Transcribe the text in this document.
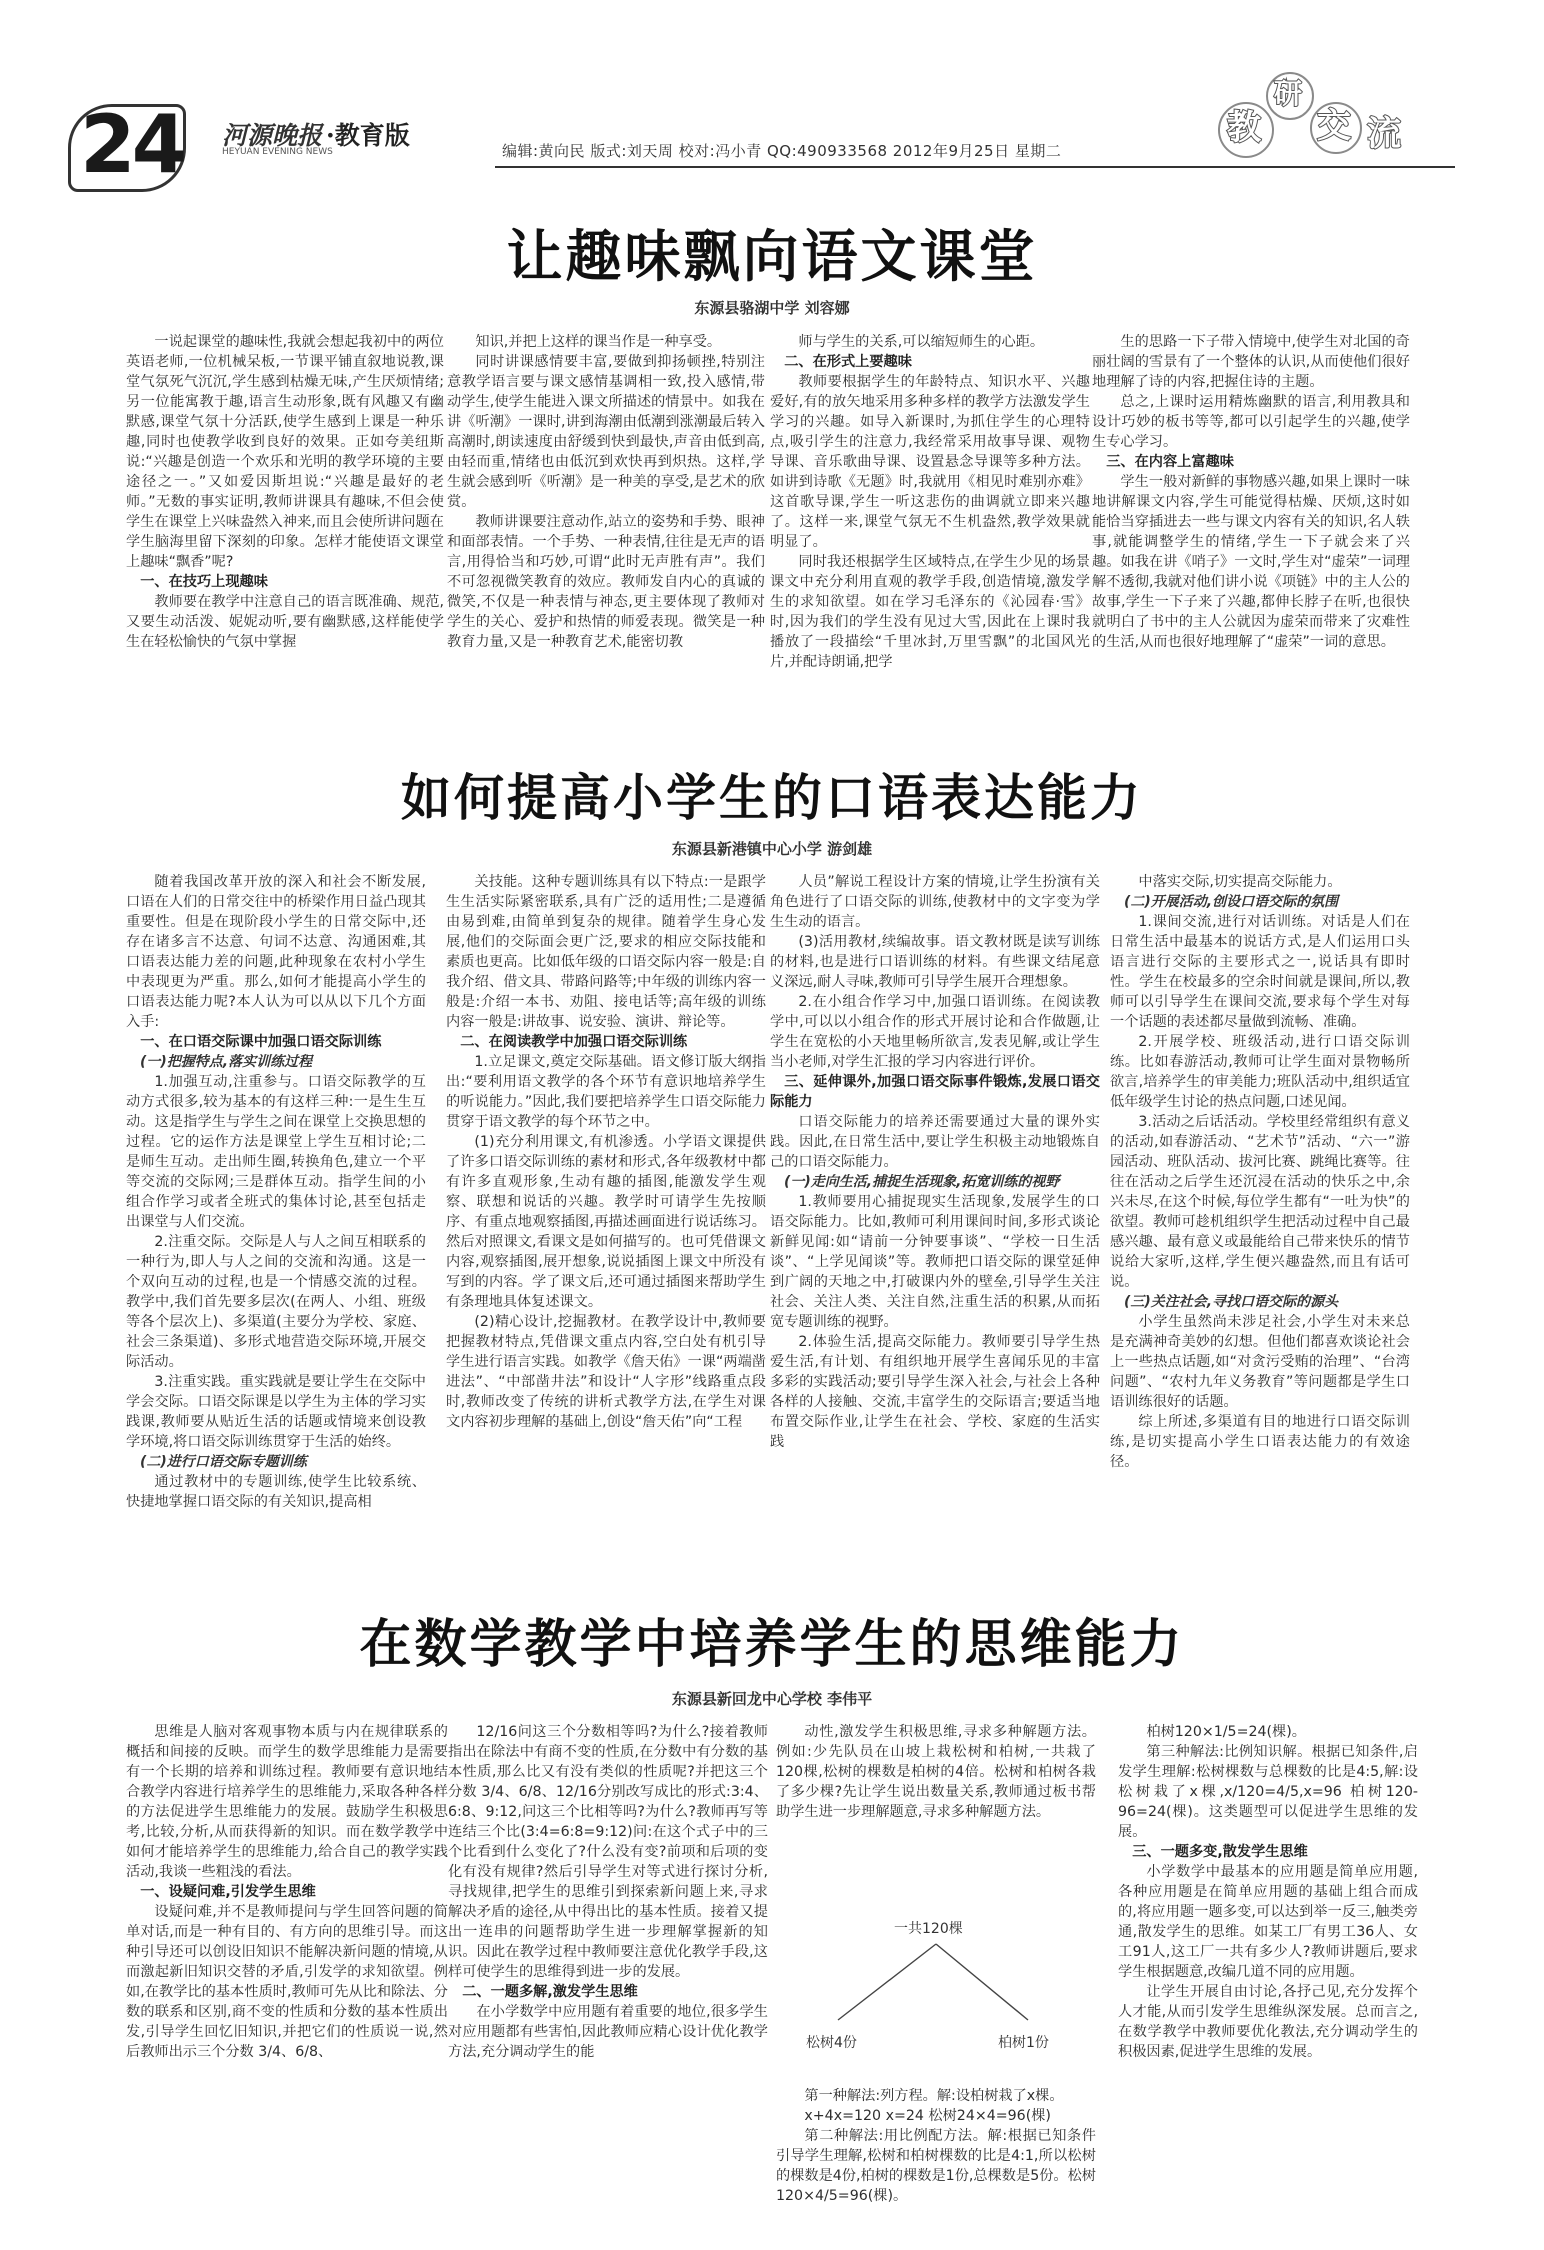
24 河源晚报 ·教育版
HEYUAN EVENING NEWS	编辑:黄向民 版式:刘天周 校对:冯小青 QQ:490933568 2012年9月25日 星期二
教
研
交 流
让趣味飘向语文课堂
东源县骆湖中学 刘容娜

一说起课堂的趣味性,我就会想起我初中的两位英语老师,一位机械呆板,一节课平铺直叙地说教,课堂气氛死气沉沉,学生感到枯燥无味,产生厌烦情绪;另一位能寓教于趣,语言生动形象,既有风趣又有幽默感,课堂气氛十分活跃,使学生感到上课是一种乐趣,同时也使教学收到良好的效果。正如夸美纽斯说:“兴趣是创造一个欢乐和光明的教学环境的主要途径之一。”又如爱因斯坦说:“兴趣是最好的老师。”无数的事实证明,教师讲课具有趣味,不但会使学生在课堂上兴味盎然入神来,而且会使所讲问题在学生脑海里留下深刻的印象。怎样才能使语文课堂上趣味“飘香”呢?

一、在技巧上现趣味

教师要在教学中注意自己的语言既准确、规范,又要生动活泼、妮妮动听,要有幽默感,这样能使学生在轻松愉快的气氛中掌握

知识,并把上这样的课当作是一种享受。

同时讲课感情要丰富,要做到抑扬顿挫,特别注意教学语言要与课文感情基调相一致,投入感情,带动学生,使学生能进入课文所描述的情景中。如我在讲《听潮》一课时,讲到海潮由低潮到涨潮最后转入高潮时,朗读速度由舒缓到快到最快,声音由低到高,由轻而重,情绪也由低沉到欢快再到炽热。这样,学生就会感到听《听潮》是一种美的享受,是艺术的欣赏。

教师讲课要注意动作,站立的姿势和手势、眼神和面部表情。一个手势、一种表情,往往是无声的语言,用得恰当和巧妙,可谓“此时无声胜有声”。我们不可忽视微笑教育的效应。教师发自内心的真诚的微笑,不仅是一种表情与神态,更主要体现了教师对学生的关心、爱护和热情的师爱表现。微笑是一种教育力量,又是一种教育艺术,能密切教

师与学生的关系,可以缩短师生的心距。

二、在形式上要趣味

教师要根据学生的年龄特点、知识水平、兴趣爱好,有的放矢地采用多种多样的教学方法激发学生学习的兴趣。如导入新课时,为抓住学生的心理特点,吸引学生的注意力,我经常采用故事导课、观物导课、音乐歌曲导课、设置悬念导课等多种方法。如讲到诗歌《无题》时,我就用《相见时难别亦难》这首歌导课,学生一听这悲伤的曲调就立即来兴趣了。这样一来,课堂气氛无不生机盎然,教学效果就明显了。

同时我还根据学生区域特点,在学生少见的场景课文中充分利用直观的教学手段,创造情境,激发学生的求知欲望。如在学习毛泽东的《沁园春·雪》时,因为我们的学生没有见过大雪,因此在上课时我播放了一段描绘“千里冰封,万里雪飘”的北国风光片,并配诗朗诵,把学

生的思路一下子带入情境中,使学生对北国的奇丽壮阔的雪景有了一个整体的认识,从而使他们很好地理解了诗的内容,把握住诗的主题。

总之,上课时运用精炼幽默的语言,利用教具和设计巧妙的板书等等,都可以引起学生的兴趣,使学生专心学习。

三、在内容上富趣味

学生一般对新鲜的事物感兴趣,如果上课时一味地讲解课文内容,学生可能觉得枯燥、厌烦,这时如能恰当穿插进去一些与课文内容有关的知识,名人轶事,就能调整学生的情绪,学生一下子就会来了兴趣。如我在讲《哨子》一文时,学生对“虚荣”一词理解不透彻,我就对他们讲小说《项链》中的主人公的故事,学生一下子来了兴趣,都伸长脖子在听,也很快就明白了书中的主人公就因为虚荣而带来了灾难性的生活,从而也很好地理解了“虚荣”一词的意思。

如何提高小学生的口语表达能力
东源县新港镇中心小学 游剑雄

随着我国改革开放的深入和社会不断发展,口语在人们的日常交往中的桥梁作用日益凸现其重要性。但是在现阶段小学生的日常交际中,还存在诸多言不达意、句词不达意、沟通困难,其口语表达能力差的问题,此种现象在农村小学生中表现更为严重。那么,如何才能提高小学生的口语表达能力呢?本人认为可以从以下几个方面入手:

一、在口语交际课中加强口语交际训练
(一)把握特点,落实训练过程

1.加强互动,注重参与。口语交际教学的互动方式很多,较为基本的有这样三种:一是生生互动。这是指学生与学生之间在课堂上交换思想的过程。它的运作方法是课堂上学生互相讨论;二是师生互动。走出师生圈,转换角色,建立一个平等交流的交际网;三是群体互动。指学生间的小组合作学习或者全班式的集体讨论,甚至包括走出课堂与人们交流。

2.注重交际。交际是人与人之间互相联系的一种行为,即人与人之间的交流和沟通。这是一个双向互动的过程,也是一个情感交流的过程。教学中,我们首先要多层次(在两人、小组、班级等各个层次上)、多渠道(主要分为学校、家庭、社会三条渠道)、多形式地营造交际环境,开展交际活动。

3.注重实践。重实践就是要让学生在交际中学会交际。口语交际课是以学生为主体的学习实践课,教师要从贴近生活的话题或情境来创设教学环境,将口语交际训练贯穿于生活的始终。

(二)进行口语交际专题训练

通过教材中的专题训练,使学生比较系统、快捷地掌握口语交际的有关知识,提高相

关技能。这种专题训练具有以下特点:一是跟学生生活实际紧密联系,具有广泛的适用性;二是遵循由易到难,由简单到复杂的规律。随着学生身心发展,他们的交际面会更广泛,要求的相应交际技能和素质也更高。比如低年级的口语交际内容一般是:自我介绍、借文具、带路问路等;中年级的训练内容一般是:介绍一本书、劝阻、接电话等;高年级的训练内容一般是:讲故事、说安验、演讲、辩论等。

二、在阅读教学中加强口语交际训练

1.立足课文,奠定交际基础。语文修订版大纲指出:“要利用语文教学的各个环节有意识地培养学生的听说能力。”因此,我们要把培养学生口语交际能力贯穿于语文教学的每个环节之中。

(1)充分利用课文,有机渗透。小学语文课提供了许多口语交际训练的素材和形式,各年级教材中都有许多直观形象,生动有趣的插图,能激发学生观察、联想和说话的兴趣。教学时可请学生先按顺序、有重点地观察插图,再描述画面进行说话练习。然后对照课文,看课文是如何描写的。也可凭借课文内容,观察插图,展开想象,说说插图上课文中所没有写到的内容。学了课文后,还可通过插图来帮助学生有条理地具体复述课文。

(2)精心设计,挖掘教材。在教学设计中,教师要把握教材特点,凭借课文重点内容,空白处有机引导学生进行语言实践。如教学《詹天佑》一课“两端凿进法”、“中部凿井法”和设计“人字形”线路重点段时,教师改变了传统的讲析式教学方法,在学生对课文内容初步理解的基础上,创设“詹天佑”向“工程

人员”解说工程设计方案的情境,让学生扮演有关角色进行了口语交际的训练,使教材中的文字变为学生生动的语言。

(3)活用教材,续编故事。语文教材既是读写训练的材料,也是进行口语训练的材料。有些课文结尾意义深远,耐人寻味,教师可引导学生展开合理想象。

2.在小组合作学习中,加强口语训练。在阅读教学中,可以以小组合作的形式开展讨论和合作做题,让学生在宽松的小天地里畅所欲言,发表见解,或让学生当小老师,对学生汇报的学习内容进行评价。

三、延伸课外,加强口语交际事件锻炼,发展口语交际能力

口语交际能力的培养还需要通过大量的课外实践。因此,在日常生活中,要让学生积极主动地锻炼自己的口语交际能力。

(一)走向生活,捕捉生活现象,拓宽训练的视野

1.教师要用心捕捉现实生活现象,发展学生的口语交际能力。比如,教师可利用课间时间,多形式谈论新鲜见闻:如“请前一分钟要事谈”、“学校一日生活谈”、“上学见闻谈”等。教师把口语交际的课堂延伸到广阔的天地之中,打破课内外的壁垒,引导学生关注社会、关注人类、关注自然,注重生活的积累,从而拓宽专题训练的视野。

2.体验生活,提高交际能力。教师要引导学生热爱生活,有计划、有组织地开展学生喜闻乐见的丰富多彩的实践活动;要引导学生深入社会,与社会上各种各样的人接触、交流,丰富学生的交际语言;要适当地布置交际作业,让学生在社会、学校、家庭的生活实践

中落实交际,切实提高交际能力。

(二)开展活动,创设口语交际的氛围

1.课间交流,进行对话训练。对话是人们在日常生活中最基本的说话方式,是人们运用口头语言进行交际的主要形式之一,说话具有即时性。学生在校最多的空余时间就是课间,所以,教师可以引导学生在课间交流,要求每个学生对每一个话题的表述都尽量做到流畅、准确。

2.开展学校、班级活动,进行口语交际训练。比如春游活动,教师可让学生面对景物畅所欲言,培养学生的审美能力;班队活动中,组织适宜低年级学生讨论的热点问题,口述见闻。

3.活动之后话活动。学校里经常组织有意义的活动,如春游活动、“艺术节”活动、“六一”游园活动、班队活动、拔河比赛、跳绳比赛等。往往在活动之后学生还沉浸在活动的快乐之中,余兴未尽,在这个时候,每位学生都有“一吐为快”的欲望。教师可趁机组织学生把活动过程中自己最感兴趣、最有意义或最能给自己带来快乐的情节说给大家听,这样,学生便兴趣盎然,而且有话可说。

(三)关注社会,寻找口语交际的源头

小学生虽然尚未涉足社会,小学生对未来总是充满神奇美妙的幻想。但他们都喜欢谈论社会上一些热点话题,如“对贪污受贿的治理”、“台湾问题”、“农村九年义务教育”等问题都是学生口语训练很好的话题。

综上所述,多渠道有目的地进行口语交际训练,是切实提高小学生口语表达能力的有效途径。

在数学教学中培养学生的思维能力
东源县新回龙中心学校 李伟平

思维是人脑对客观事物本质与内在规律联系的概括和间接的反映。而学生的数学思维能力是需要有一个长期的培养和训练过程。教师要有意识地结合教学内容进行培养学生的思维能力,采取各种各样的方法促进学生思维能力的发展。鼓励学生积极思考,比较,分析,从而获得新的知识。而在数学教学中如何才能培养学生的思维能力,给合自己的教学实践活动,我谈一些粗浅的看法。

一、设疑问难,引发学生思维

设疑问难,并不是教师提问与学生回答问题的简单对话,而是一种有目的、有方向的思维引导。而这种引导还可以创设旧知识不能解决新问题的情境,从而激起新旧知识交替的矛盾,引发学的求知欲望。例如,在教学比的基本性质时,教师可先从比和除法、分数的联系和区别,商不变的性质和分数的基本性质出发,引导学生回忆旧知识,并把它们的性质说一说,然后教师出示三个分数 3/4、6/8、

12/16问这三个分数相等吗?为什么?接着教师指出在除法中有商不变的性质,在分数中有分数的基本性质,那么比又有没有类似的性质呢?并把这三个分数 3/4、6/8、12/16分别改写成比的形式:3:4、6:8、9:12,问这三个比相等吗?为什么?教师再写等连结三个比(3:4=6:8=9:12)问:在这个式子中的三个比看到什么变化了?什么没有变?前项和后项的变化有没有规律?然后引导学生对等式进行探讨分析,寻找规律,把学生的思维引到探索新问题上来,寻求解决矛盾的途径,从中得出比的基本性质。接着又提出一连串的问题帮助学生进一步理解掌握新的知识。因此在教学过程中教师要注意优化教学手段,这样可使学生的思维得到进一步的发展。

二、一题多解,激发学生思维

在小学数学中应用题有着重要的地位,很多学生对应用题都有些害怕,因此教师应精心设计优化教学方法,充分调动学生的能

动性,激发学生积极思维,寻求多种解题方法。例如:少先队员在山坡上栽松树和柏树,一共栽了120棵,松树的棵数是柏树的4倍。松树和柏树各栽了多少棵?先让学生说出数量关系,教师通过板书帮助学生进一步理解题意,寻求多种解题方法。

一共120棵
松树4份	柏树1份

第一种解法:列方程。解:设柏树栽了x棵。

x+4x=120 x=24 松树24×4=96(棵)

第二种解法:用比例配方法。解:根据已知条件引导学生理解,松树和柏树棵数的比是4:1,所以松树的棵数是4份,柏树的棵数是1份,总棵数是5份。松树120×4/5=96(棵)。

柏树120×1/5=24(棵)。

第三种解法:比例知识解。根据已知条件,启发学生理解:松树棵数与总棵数的比是4:5,解:设松树栽了x棵,x/120=4/5,x=96 柏树120-96=24(棵)。这类题型可以促进学生思维的发展。

三、一题多变,散发学生思维

小学数学中最基本的应用题是简单应用题,各种应用题是在简单应用题的基础上组合而成的,将应用题一题多变,可以达到举一反三,触类旁通,散发学生的思维。如某工厂有男工36人、女工91人,这工厂一共有多少人?教师讲题后,要求学生根据题意,改编几道不同的应用题。

让学生开展自由讨论,各抒己见,充分发挥个人才能,从而引发学生思维纵深发展。总而言之,在数学教学中教师要优化教法,充分调动学生的积极因素,促进学生思维的发展。
